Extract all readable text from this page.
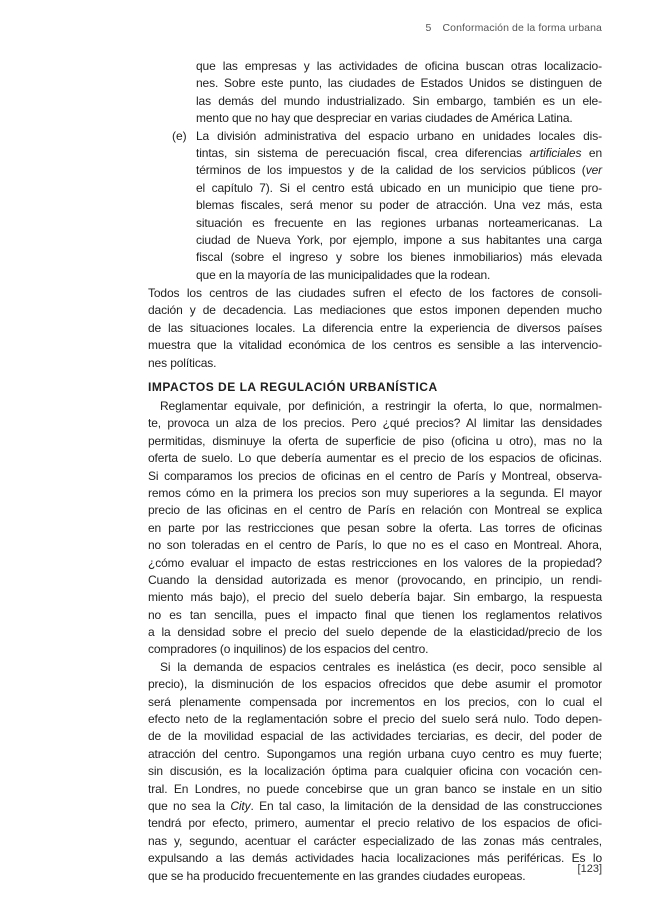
5 Conformación de la forma urbana
(e)
que las empresas y las actividades de oficina buscan otras localizacio-
nes. Sobre este punto, las ciudades de Estados Unidos se distinguen de
las demás del mundo industrializado. Sin embargo, también es un ele-
mento que no hay que despreciar en varias ciudades de América Latina.
La división administrativa del espacio urbano en unidades locales dis-
tintas, sin sistema de perecuación fiscal, crea diferencias artificiales en
términos de los impuestos y de la calidad de los servicios públicos (ver
el capítulo 7). Si el centro está ubicado en un municipio que tiene pro-
blemas fiscales, será menor su poder de atracción. Una vez más, esta
situación es frecuente en las regiones urbanas norteamericanas. La
ciudad de Nueva York, por ejemplo, impone a sus habitantes una carga
fiscal (sobre el ingreso y sobre los bienes inmobiliarios) más elevada
que en la mayoría de las municipalidades que la rodean.
Todos los centros de las ciudades sufren el efecto de los factores de consoli-
dación y de decadencia. Las mediaciones que estos imponen dependen mucho
de las situaciones locales. La diferencia entre la experiencia de diversos países
muestra que la vitalidad económica de los centros es sensible a las intervencio-
nes políticas.
IMPACTOS DE LA REGULACIÓN URBANÍSTICA
Reglamentar equivale, por definición, a restringir la oferta, lo que, normalmen-
te, provoca un alza de los precios. Pero ¿qué precios? Al limitar las densidades
permitidas, disminuye la oferta de superficie de piso (oficina u otro), mas no la
oferta de suelo. Lo que debería aumentar es el precio de los espacios de oficinas.
Si comparamos los precios de oficinas en el centro de París y Montreal, observa-
remos cómo en la primera los precios son muy superiores a la segunda. El mayor
precio de las oficinas en el centro de París en relación con Montreal se explica
en parte por las restricciones que pesan sobre la oferta. Las torres de oficinas
no son toleradas en el centro de París, lo que no es el caso en Montreal. Ahora,
¿cómo evaluar el impacto de estas restricciones en los valores de la propiedad?
Cuando la densidad autorizada es menor (provocando, en principio, un rendi-
miento más bajo), el precio del suelo debería bajar. Sin embargo, la respuesta
no es tan sencilla, pues el impacto final que tienen los reglamentos relativos
a la densidad sobre el precio del suelo depende de la elasticidad/precio de los
compradores (o inquilinos) de los espacios del centro.
Si la demanda de espacios centrales es inelástica (es decir, poco sensible al
precio), la disminución de los espacios ofrecidos que debe asumir el promotor
será plenamente compensada por incrementos en los precios, con lo cual el
efecto neto de la reglamentación sobre el precio del suelo será nulo. Todo depen-
de de la movilidad espacial de las actividades terciarias, es decir, del poder de
atracción del centro. Supongamos una región urbana cuyo centro es muy fuerte;
sin discusión, es la localización óptima para cualquier oficina con vocación cen-
tral. En Londres, no puede concebirse que un gran banco se instale en un sitio
que no sea la City. En tal caso, la limitación de la densidad de las construcciones
tendrá por efecto, primero, aumentar el precio relativo de los espacios de ofici-
nas y, segundo, acentuar el carácter especializado de las zonas más centrales,
expulsando a las demás actividades hacia localizaciones más periféricas. Es lo
que se ha producido frecuentemente en las grandes ciudades europeas.	[123]
